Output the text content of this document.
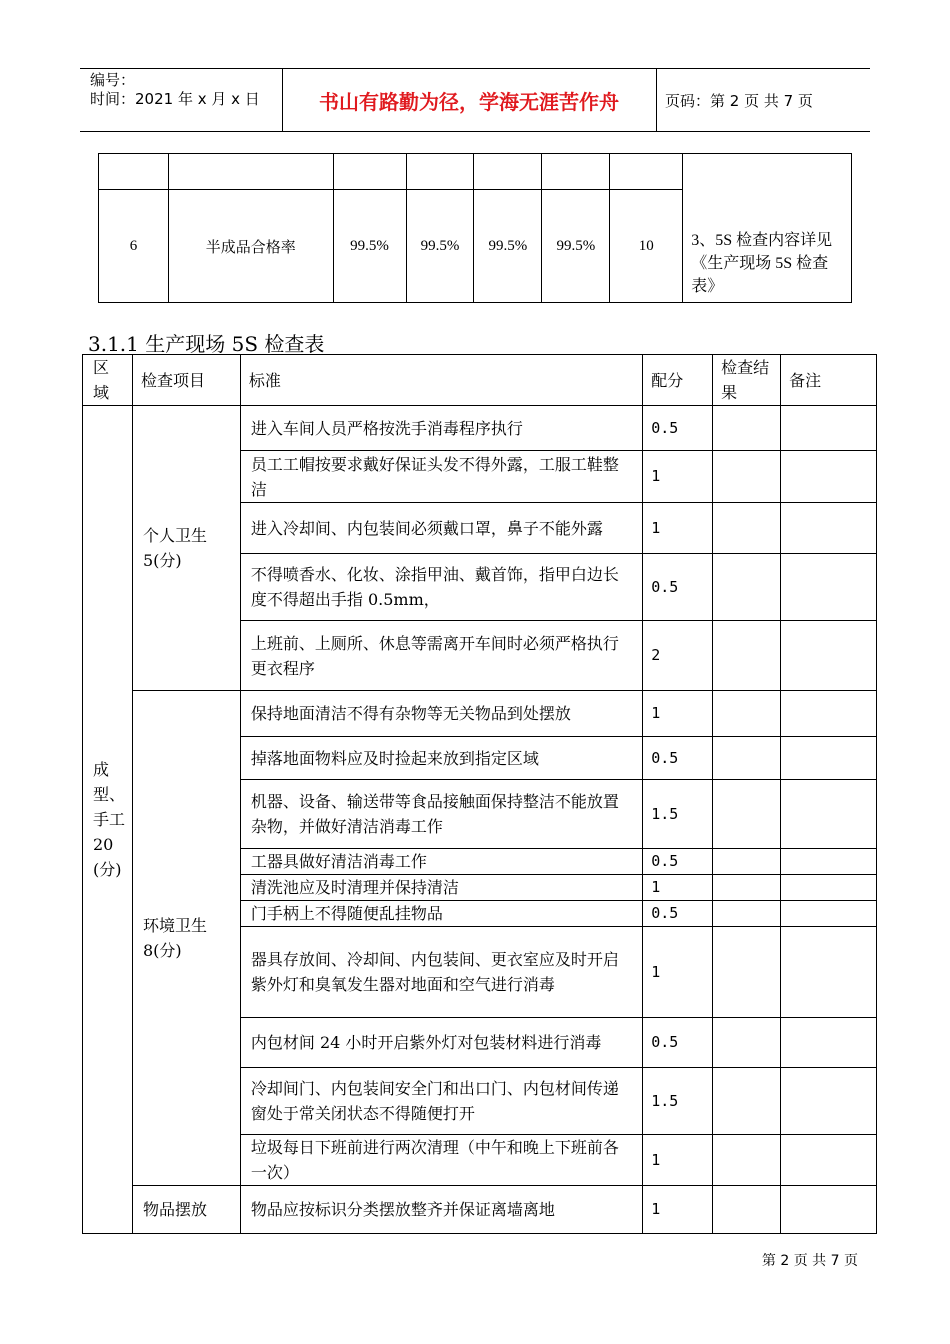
编号：
时间：2021 年 x 月 x 日	书山有路勤为径，学海无涯苦作舟	页码：第 2 页 共 7 页
							3、5S 检查内容详见《生产现场 5S 检查表》
6	半成品合格率	99.5%	99.5%	99.5%	99.5%	10	
3.1.1 生产现场 5S 检查表
区域	检查项目	标准	配分	检查结果	备注
成型、手工20(分)	个人卫生5(分)	进入车间人员严格按洗手消毒程序执行	0.5		
		员工工帽按要求戴好保证头发不得外露，工服工鞋整洁	1		
		进入冷却间、内包装间必须戴口罩，鼻子不能外露	1		
		不得喷香水、化妆、涂指甲油、戴首饰，指甲白边长度不得超出手指 0.5mm，	0.5		
		上班前、上厕所、休息等需离开车间时必须严格执行更衣程序	2		
	环境卫生8(分)	保持地面清洁不得有杂物等无关物品到处摆放	1		
		掉落地面物料应及时捡起来放到指定区域	0.5		
		机器、设备、输送带等食品接触面保持整洁不能放置杂物，并做好清洁消毒工作	1.5		
		工器具做好清洁消毒工作	0.5		
		清洗池应及时清理并保持清洁	1		
		门手柄上不得随便乱挂物品	0.5		
		器具存放间、冷却间、内包装间、更衣室应及时开启紫外灯和臭氧发生器对地面和空气进行消毒	1		
		内包材间 24 小时开启紫外灯对包装材料进行消毒	0.5		
		冷却间门、内包装间安全门和出口门、内包材间传递窗处于常关闭状态不得随便打开	1.5		
		垃圾每日下班前进行两次清理（中午和晚上下班前各一次）	1		
	物品摆放	物品应按标识分类摆放整齐并保证离墙离地	1		
第 2 页 共 7 页
